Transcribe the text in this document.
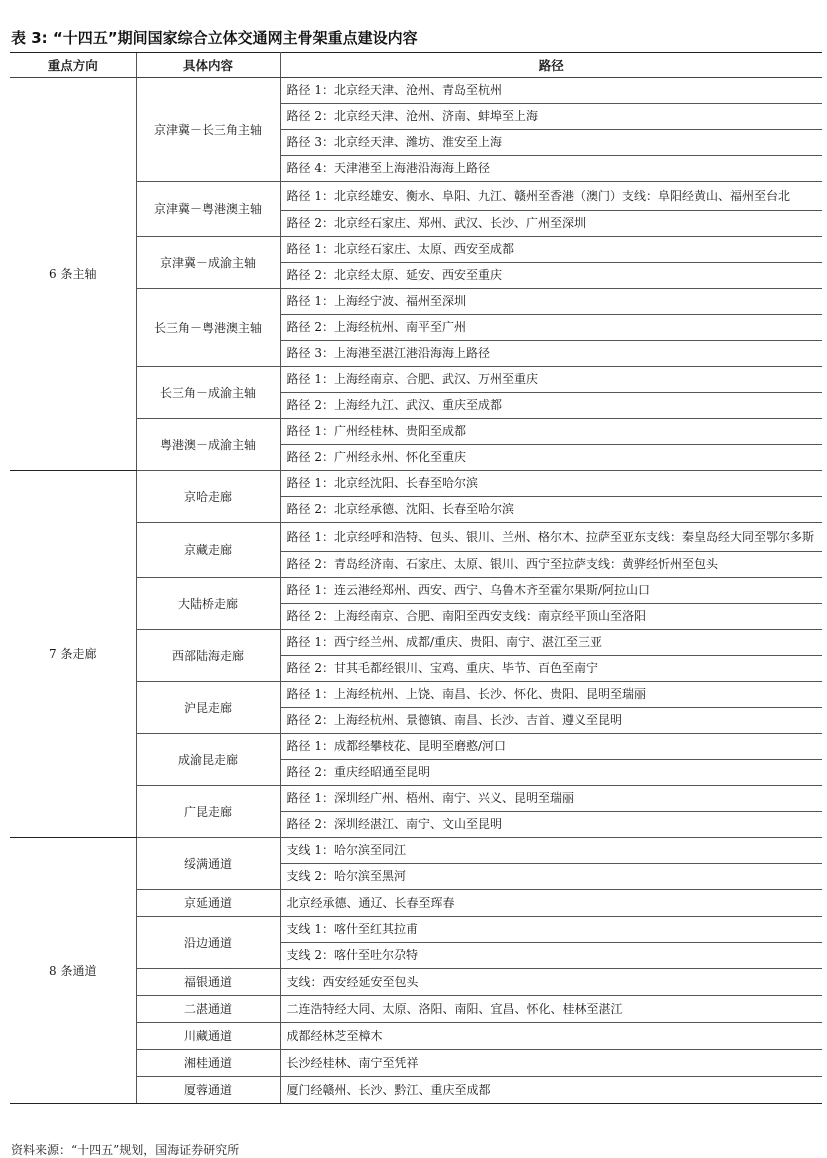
表 3: “十四五”期间国家综合立体交通网主骨架重点建设内容
重点方向	具体内容	路径
6 条主轴	京津冀－长三角主轴	路径 1：北京经天津、沧州、青岛至杭州
		路径 2：北京经天津、沧州、济南、蚌埠至上海
		路径 3：北京经天津、潍坊、淮安至上海
		路径 4：天津港至上海港沿海海上路径
	京津冀－粤港澳主轴	路径 1：北京经雄安、衡水、阜阳、九江、赣州至香港（澳门）支线：阜阳经黄山、福州至台北
		路径 2：北京经石家庄、郑州、武汉、长沙、广州至深圳
	京津冀－成渝主轴	路径 1：北京经石家庄、太原、西安至成都
		路径 2：北京经太原、延安、西安至重庆
	长三角－粤港澳主轴	路径 1：上海经宁波、福州至深圳
		路径 2：上海经杭州、南平至广州
		路径 3：上海港至湛江港沿海海上路径
	长三角－成渝主轴	路径 1：上海经南京、合肥、武汉、万州至重庆
		路径 2：上海经九江、武汉、重庆至成都
	粤港澳－成渝主轴	路径 1：广州经桂林、贵阳至成都
		路径 2：广州经永州、怀化至重庆
7 条走廊	京哈走廊	路径 1：北京经沈阳、长春至哈尔滨
		路径 2：北京经承德、沈阳、长春至哈尔滨
	京藏走廊	路径 1：北京经呼和浩特、包头、银川、兰州、格尔木、拉萨至亚东支线：秦皇岛经大同至鄂尔多斯
		路径 2：青岛经济南、石家庄、太原、银川、西宁至拉萨支线：黄骅经忻州至包头
	大陆桥走廊	路径 1：连云港经郑州、西安、西宁、乌鲁木齐至霍尔果斯/阿拉山口
		路径 2：上海经南京、合肥、南阳至西安支线：南京经平顶山至洛阳
	西部陆海走廊	路径 1：西宁经兰州、成都/重庆、贵阳、南宁、湛江至三亚
		路径 2：甘其毛都经银川、宝鸡、重庆、毕节、百色至南宁
	沪昆走廊	路径 1：上海经杭州、上饶、南昌、长沙、怀化、贵阳、昆明至瑞丽
		路径 2：上海经杭州、景德镇、南昌、长沙、吉首、遵义至昆明
	成渝昆走廊	路径 1：成都经攀枝花、昆明至磨憨/河口
		路径 2：重庆经昭通至昆明
	广昆走廊	路径 1：深圳经广州、梧州、南宁、兴义、昆明至瑞丽
		路径 2：深圳经湛江、南宁、文山至昆明
8 条通道	绥满通道	支线 1：哈尔滨至同江
		支线 2：哈尔滨至黑河
	京延通道	北京经承德、通辽、长春至珲春
	沿边通道	支线 1：喀什至红其拉甫
		支线 2：喀什至吐尔尕特
	福银通道	支线：西安经延安至包头
	二湛通道	二连浩特经大同、太原、洛阳、南阳、宜昌、怀化、桂林至湛江
	川藏通道	成都经林芝至樟木
	湘桂通道	长沙经桂林、南宁至凭祥
	厦蓉通道	厦门经赣州、长沙、黔江、重庆至成都
资料来源：“十四五”规划，国海证券研究所
